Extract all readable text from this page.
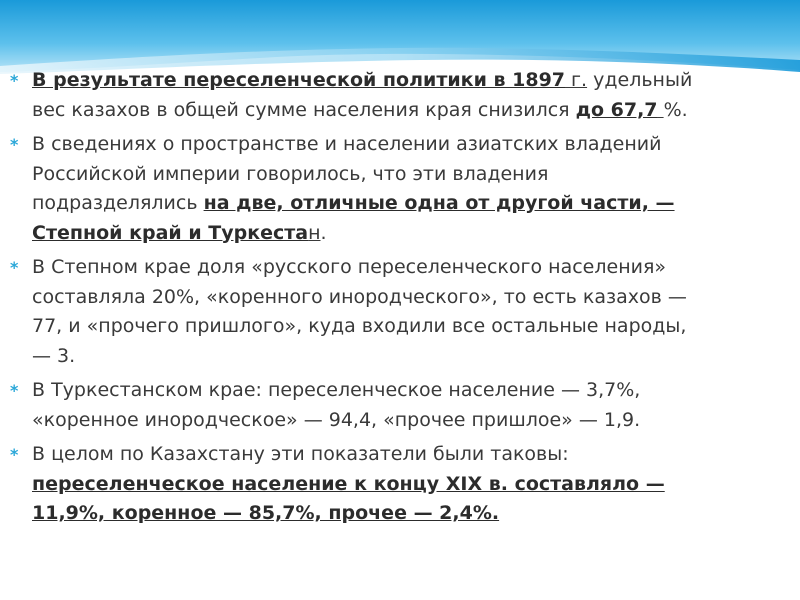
* В результате переселенческой политики в 1897 г. удельный вес казахов в общей сумме населения края снизился до 67,7 %.
* В сведениях о пространстве и населении азиатских владений Российской империи говорилось, что эти владения подразделялись на две, отличные одна от другой части, — Степной край и Туркестан.
* В Степном крае доля «русского переселенческого населения» составляла 20%, «коренного инородческого», то есть казахов — 77, и «прочего пришлого», куда входили все остальные народы, — 3.
* В Туркестанском крае: переселенческое население — 3,7%, «коренное инородческое» — 94,4, «прочее пришлое» — 1,9.
* В целом по Казахстану эти показатели были таковы: переселенческое население к концу XIX в. составляло — 11,9%, коренное — 85,7%, прочее — 2,4%.
